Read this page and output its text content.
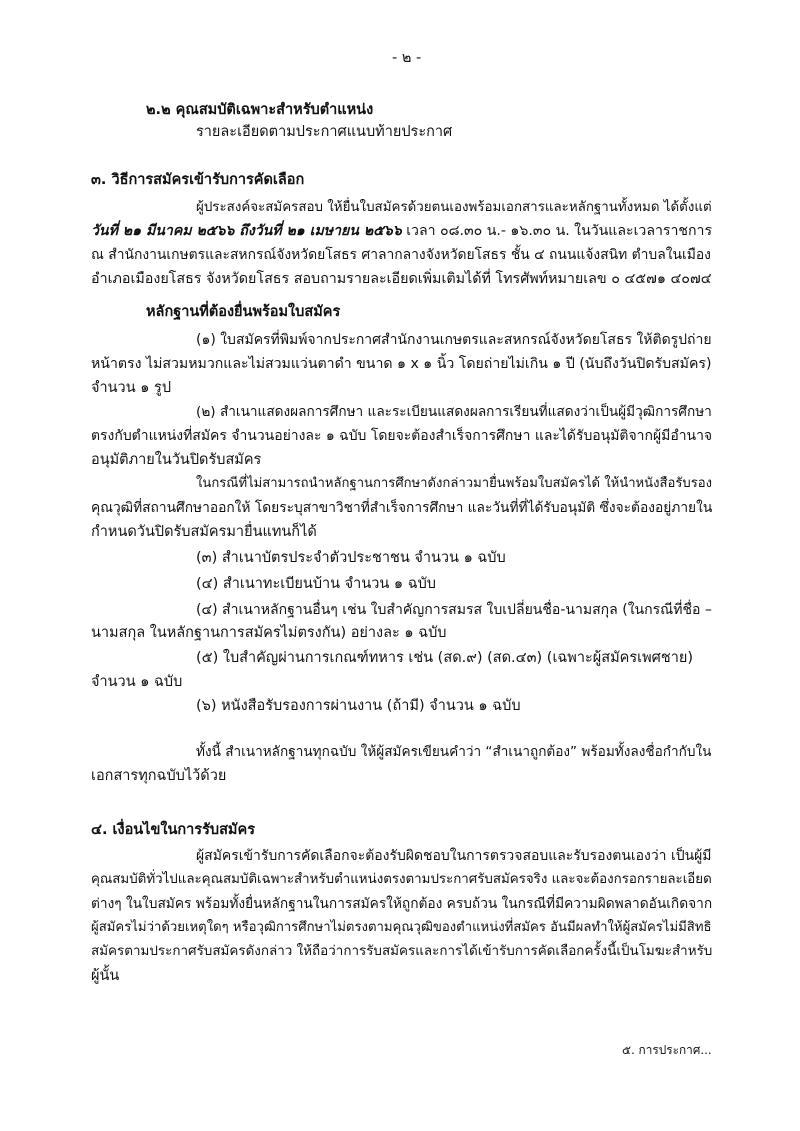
- ๒ -
๒.๒ คุณสมบัติเฉพาะสำหรับตำแหน่ง
รายละเอียดตามประกาศแนบท้ายประกาศ
๓. วิธีการสมัครเข้ารับการคัดเลือก
ผู้ประสงค์จะสมัครสอบ ให้ยื่นใบสมัครด้วยตนเองพร้อมเอกสารและหลักฐานทั้งหมด ได้ตั้งแต่
วันที่ ๒๑ มีนาคม ๒๕๖๖ ถึงวันที่ ๒๑ เมษายน ๒๕๖๖ เวลา ๐๘.๓๐ น.- ๑๖.๓๐ น. ในวันและเวลาราชการ
ณ สำนักงานเกษตรและสหกรณ์จังหวัดยโสธร ศาลากลางจังหวัดยโสธร ชั้น ๔ ถนนแจ้งสนิท ตำบลในเมือง
อำเภอเมืองยโสธร จังหวัดยโสธร สอบถามรายละเอียดเพิ่มเติมได้ที่ โทรศัพท์หมายเลข ๐ ๔๕๗๑ ๔๐๗๔
หลักฐานที่ต้องยื่นพร้อมใบสมัคร
(๑) ใบสมัครที่พิมพ์จากประกาศสำนักงานเกษตรและสหกรณ์จังหวัดยโสธร ให้ติดรูปถ่าย
หน้าตรง ไม่สวมหมวกและไม่สวมแว่นตาดำ ขนาด ๑ x ๑ นิ้ว โดยถ่ายไม่เกิน ๑ ปี (นับถึงวันปิดรับสมัคร)
จำนวน ๑ รูป
(๒) สำเนาแสดงผลการศึกษา และระเบียนแสดงผลการเรียนที่แสดงว่าเป็นผู้มีวุฒิการศึกษา
ตรงกับตำแหน่งที่สมัคร จำนวนอย่างละ ๑ ฉบับ โดยจะต้องสำเร็จการศึกษา และได้รับอนุมัติจากผู้มีอำนาจ
อนุมัติภายในวันปิดรับสมัคร
ในกรณีที่ไม่สามารถนำหลักฐานการศึกษาดังกล่าวมายื่นพร้อมใบสมัครได้ ให้นำหนังสือรับรอง
คุณวุฒิที่สถานศึกษาออกให้ โดยระบุสาขาวิชาที่สำเร็จการศึกษา และวันที่ที่ได้รับอนุมัติ ซึ่งจะต้องอยู่ภายใน
กำหนดวันปิดรับสมัครมายื่นแทนก็ได้
(๓) สำเนาบัตรประจำตัวประชาชน จำนวน ๑ ฉบับ
(๔) สำเนาทะเบียนบ้าน จำนวน ๑ ฉบับ
(๔) สำเนาหลักฐานอื่นๆ เช่น ใบสำคัญการสมรส ใบเปลี่ยนชื่อ-นามสกุล (ในกรณีที่ชื่อ –
นามสกุล ในหลักฐานการสมัครไม่ตรงกัน) อย่างละ ๑ ฉบับ
(๕) ใบสำคัญผ่านการเกณฑ์ทหาร เช่น (สด.๙) (สด.๔๓) (เฉพาะผู้สมัครเพศชาย)
จำนวน ๑ ฉบับ
(๖) หนังสือรับรองการผ่านงาน (ถ้ามี) จำนวน ๑ ฉบับ
ทั้งนี้ สำเนาหลักฐานทุกฉบับ ให้ผู้สมัครเขียนคำว่า “สำเนาถูกต้อง” พร้อมทั้งลงชื่อกำกับใน
เอกสารทุกฉบับไว้ด้วย
๔. เงื่อนไขในการรับสมัคร
ผู้สมัครเข้ารับการคัดเลือกจะต้องรับผิดชอบในการตรวจสอบและรับรองตนเองว่า เป็นผู้มี
คุณสมบัติทั่วไปและคุณสมบัติเฉพาะสำหรับตำแหน่งตรงตามประกาศรับสมัครจริง และจะต้องกรอกรายละเอียด
ต่างๆ ในใบสมัคร พร้อมทั้งยื่นหลักฐานในการสมัครให้ถูกต้อง ครบถ้วน ในกรณีที่มีความผิดพลาดอันเกิดจาก
ผู้สมัครไม่ว่าด้วยเหตุใดๆ หรือวุฒิการศึกษาไม่ตรงตามคุณวุฒิของตำแหน่งที่สมัคร อันมีผลทำให้ผู้สมัครไม่มีสิทธิ
สมัครตามประกาศรับสมัครดังกล่าว ให้ถือว่าการรับสมัครและการได้เข้ารับการคัดเลือกครั้งนี้เป็นโมฆะสำหรับ
ผู้นั้น
๕. การประกาศ...
